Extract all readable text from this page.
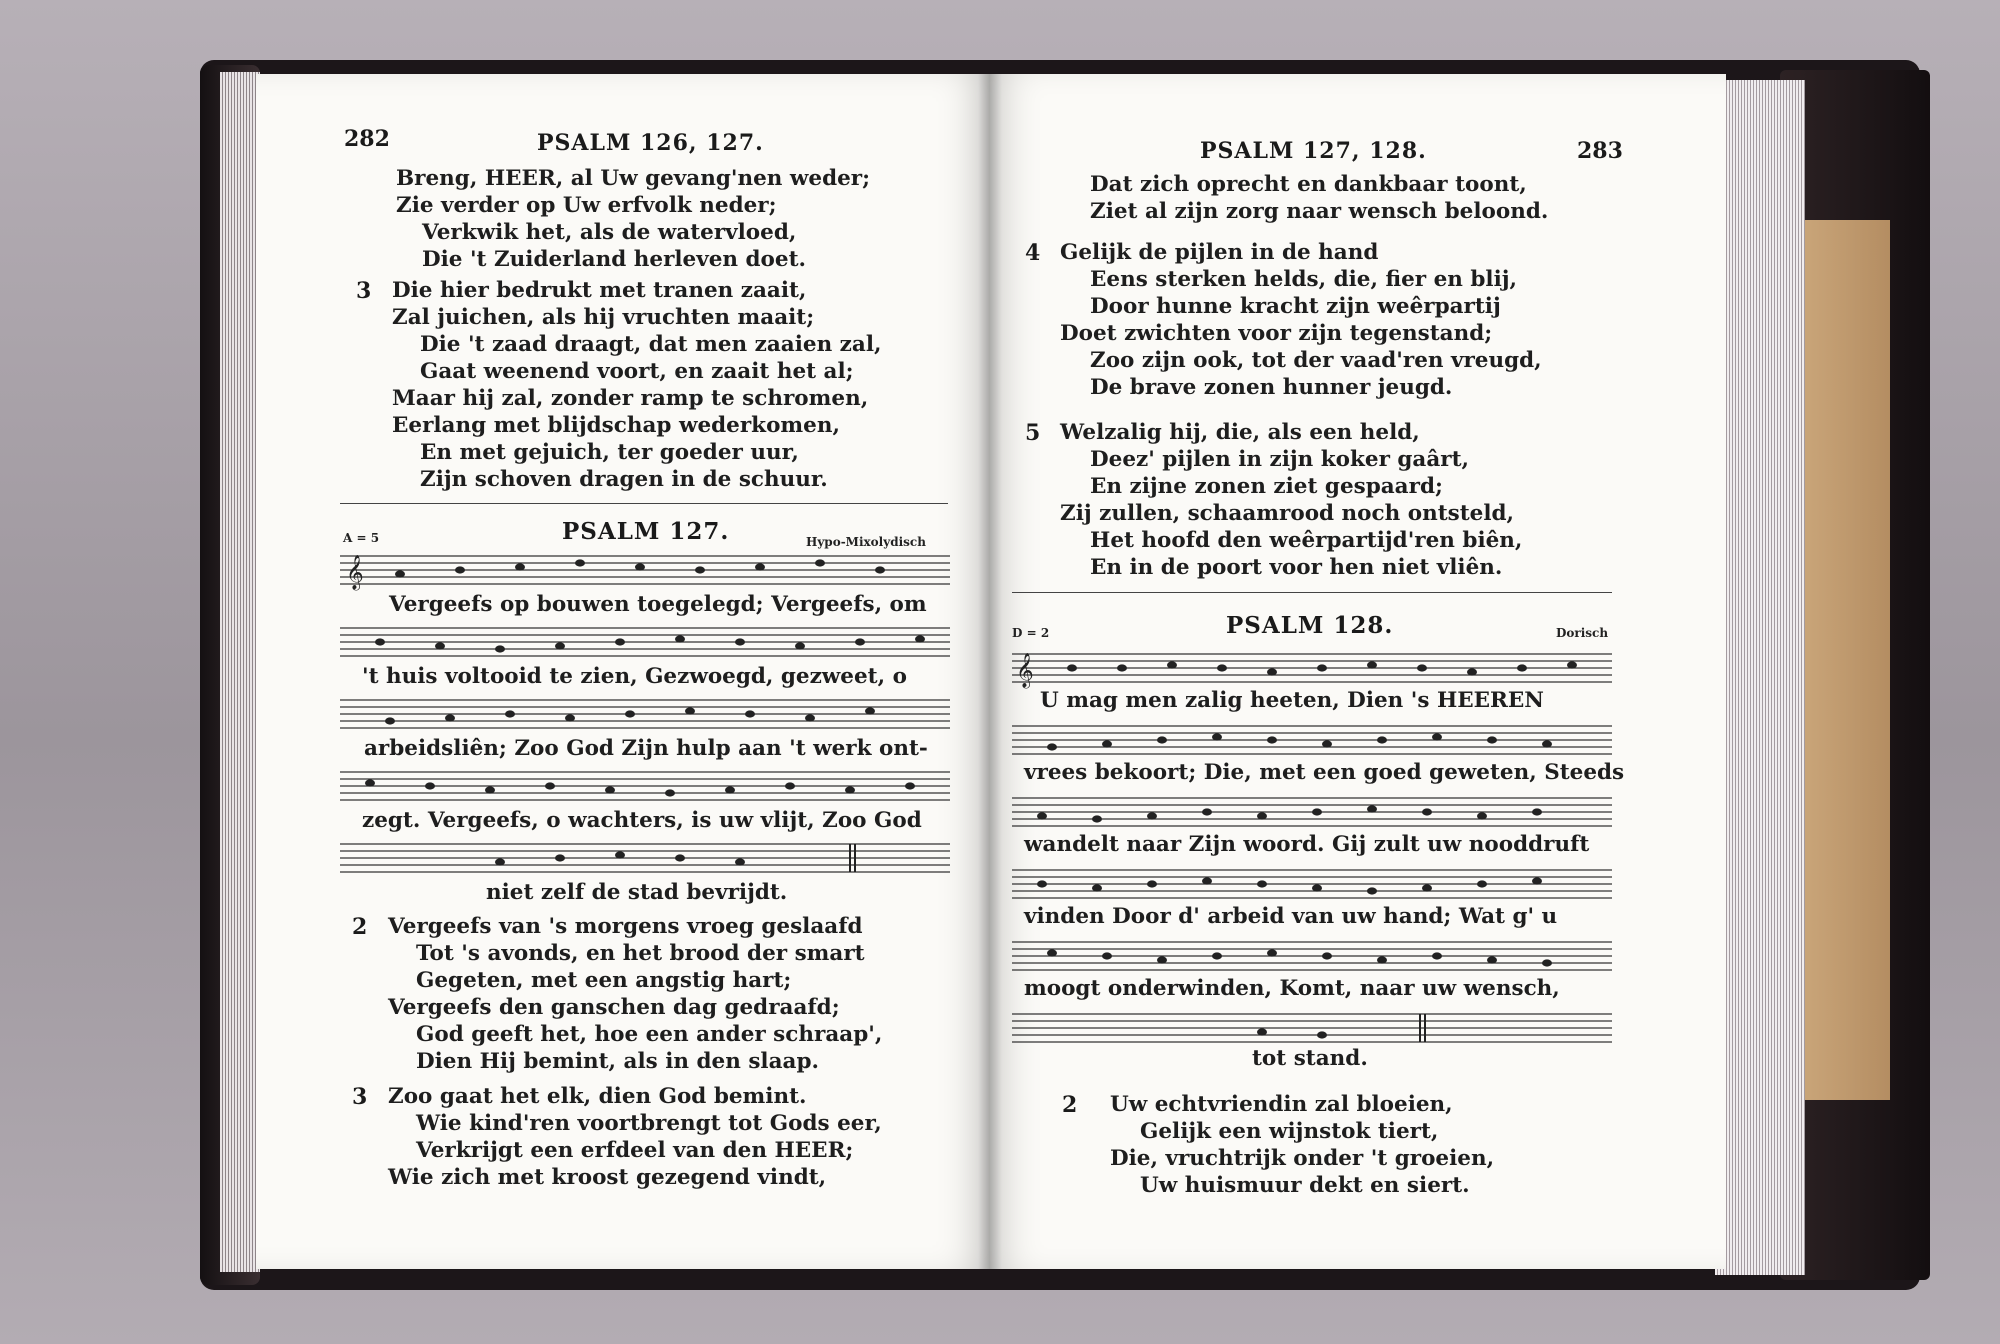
282	PSALM 126, 127.
Breng, HEER, al Uw gevang'nen weder;
Zie verder op Uw erfvolk neder;
Verkwik het, als de watervloed,
Die 't Zuiderland herleven doet.
3 Die hier bedrukt met tranen zaait,
Zal juichen, als hij vruchten maait;
Die 't zaad draagt, dat men zaaien zal,
Gaat weenend voort, en zaait het al;
Maar hij zal, zonder ramp te schromen,
Eerlang met blijdschap wederkomen,
En met gejuich, ter goeder uur,
Zijn schoven dragen in de schuur.
A = 5	PSALM 127.	Hypo-Mixolydisch
𝄞
Vergeefs op bouwen toegelegd; Vergeefs, om
't huis voltooid te zien, Gezwoegd, gezweet, o
arbeidsliên; Zoo God Zijn hulp aan 't werk ont-
zegt. Vergeefs, o wachters, is uw vlijt, Zoo God
niet zelf de stad bevrijdt.
2 Vergeefs van 's morgens vroeg geslaafd
Tot 's avonds, en het brood der smart
Gegeten, met een angstig hart;
Vergeefs den ganschen dag gedraafd;
God geeft het, hoe een ander schraap',
Dien Hij bemint, als in den slaap.
3 Zoo gaat het elk, dien God bemint.
Wie kind'ren voortbrengt tot Gods eer,
Verkrijgt een erfdeel van den HEER;
Wie zich met kroost gezegend vindt,
PSALM 127, 128.	283
Dat zich oprecht en dankbaar toont,
Ziet al zijn zorg naar wensch beloond.
4 Gelijk de pijlen in de hand
Eens sterken helds, die, fier en blij,
Door hunne kracht zijn weêrpartij
Doet zwichten voor zijn tegenstand;
Zoo zijn ook, tot der vaad'ren vreugd,
De brave zonen hunner jeugd.
5 Welzalig hij, die, als een held,
Deez' pijlen in zijn koker gaârt,
En zijne zonen ziet gespaard;
Zij zullen, schaamrood noch ontsteld,
Het hoofd den weêrpartijd'ren biên,
En in de poort voor hen niet vliên.
D = 2	PSALM 128.	Dorisch
𝄞
U mag men zalig heeten, Dien 's HEEREN
vrees bekoort; Die, met een goed geweten, Steeds
wandelt naar Zijn woord. Gij zult uw nooddruft
vinden Door d' arbeid van uw hand; Wat g' u
moogt onderwinden, Komt, naar uw wensch,
tot stand.
2 Uw echtvriendin zal bloeien,
Gelijk een wijnstok tiert,
Die, vruchtrijk onder 't groeien,
Uw huismuur dekt en siert.
